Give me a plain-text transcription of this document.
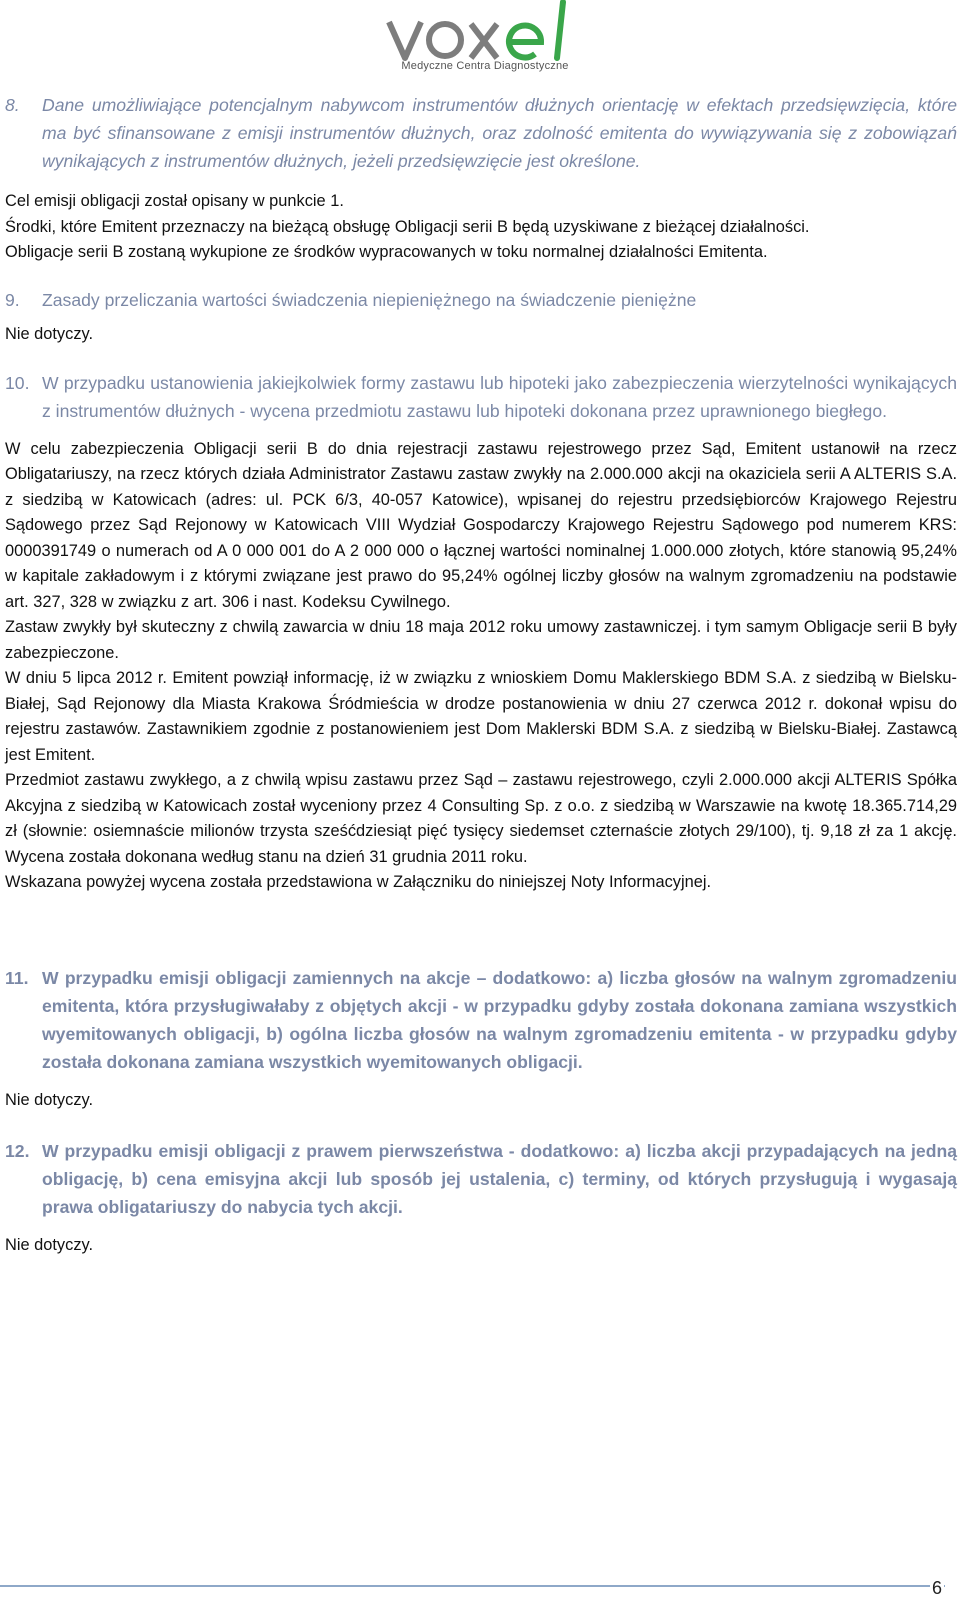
Medyczne Centra Diagnostyczne

8. Dane umożliwiające potencjalnym nabywcom instrumentów dłużnych orientację w efektach przedsięwzięcia, które ma być sfinansowane z emisji instrumentów dłużnych, oraz zdolność emitenta do wywiązywania się z zobowiązań wynikających z instrumentów dłużnych, jeżeli przedsięwzięcie jest określone.

Cel emisji obligacji został opisany w punkcie 1.

Środki, które Emitent przeznaczy na bieżącą obsługę Obligacji serii B będą uzyskiwane z bieżącej działalności.

Obligacje serii B zostaną wykupione ze środków wypracowanych w toku normalnej działalności Emitenta.

9. Zasady przeliczania wartości świadczenia niepieniężnego na świadczenie pieniężne

Nie dotyczy.

10. W przypadku ustanowienia jakiejkolwiek formy zastawu lub hipoteki jako zabezpieczenia wierzytelności wynikających z instrumentów dłużnych - wycena przedmiotu zastawu lub hipoteki dokonana przez uprawnionego biegłego.

W celu zabezpieczenia Obligacji serii B do dnia rejestracji zastawu rejestrowego przez Sąd, Emitent ustanowił na rzecz Obligatariuszy, na rzecz których działa Administrator Zastawu zastaw zwykły na 2.000.000 akcji na okaziciela serii A ALTERIS S.A. z siedzibą w Katowicach (adres: ul. PCK 6/3, 40-057 Katowice), wpisanej do rejestru przedsiębiorców Krajowego Rejestru Sądowego przez Sąd Rejonowy w Katowicach VIII Wydział Gospodarczy Krajowego Rejestru Sądowego pod numerem KRS: 0000391749 o numerach od A 0 000 001 do A 2 000 000 o łącznej wartości nominalnej 1.000.000 złotych, które stanowią 95,24% w kapitale zakładowym i z którymi związane jest prawo do 95,24% ogólnej liczby głosów na walnym zgromadzeniu na podstawie art. 327, 328 w związku z art. 306 i nast. Kodeksu Cywilnego.

Zastaw zwykły był skuteczny z chwilą zawarcia w dniu 18 maja 2012 roku umowy zastawniczej. i tym samym Obligacje serii B były zabezpieczone.

W dniu 5 lipca 2012 r. Emitent powziął informację, iż w związku z wnioskiem Domu Maklerskiego BDM S.A. z siedzibą w Bielsku-Białej, Sąd Rejonowy dla Miasta Krakowa Śródmieścia w drodze postanowienia w dniu 27 czerwca 2012 r. dokonał wpisu do rejestru zastawów. Zastawnikiem zgodnie z postanowieniem jest Dom Maklerski BDM S.A. z siedzibą w Bielsku-Białej. Zastawcą jest Emitent.

Przedmiot zastawu zwykłego, a z chwilą wpisu zastawu przez Sąd – zastawu rejestrowego, czyli 2.000.000 akcji ALTERIS Spółka Akcyjna z siedzibą w Katowicach został wyceniony przez 4 Consulting Sp. z o.o. z siedzibą w Warszawie na kwotę 18.365.714,29 zł (słownie: osiemnaście milionów trzysta sześćdziesiąt pięć tysięcy siedemset czternaście złotych 29/100), tj. 9,18 zł za 1 akcję. Wycena została dokonana według stanu na dzień 31 grudnia 2011 roku.

Wskazana powyżej wycena została przedstawiona w Załączniku do niniejszej Noty Informacyjnej.

11. W przypadku emisji obligacji zamiennych na akcje – dodatkowo: a) liczba głosów na walnym zgromadzeniu emitenta, która przysługiwałaby z objętych akcji - w przypadku gdyby została dokonana zamiana wszystkich wyemitowanych obligacji, b) ogólna liczba głosów na walnym zgromadzeniu emitenta - w przypadku gdyby została dokonana zamiana wszystkich wyemitowanych obligacji.

Nie dotyczy.

12. W przypadku emisji obligacji z prawem pierwszeństwa - dodatkowo: a) liczba akcji przypadających na jedną obligację, b) cena emisyjna akcji lub sposób jej ustalenia, c) terminy, od których przysługują i wygasają prawa obligatariuszy do nabycia tych akcji.

Nie dotyczy.

6
